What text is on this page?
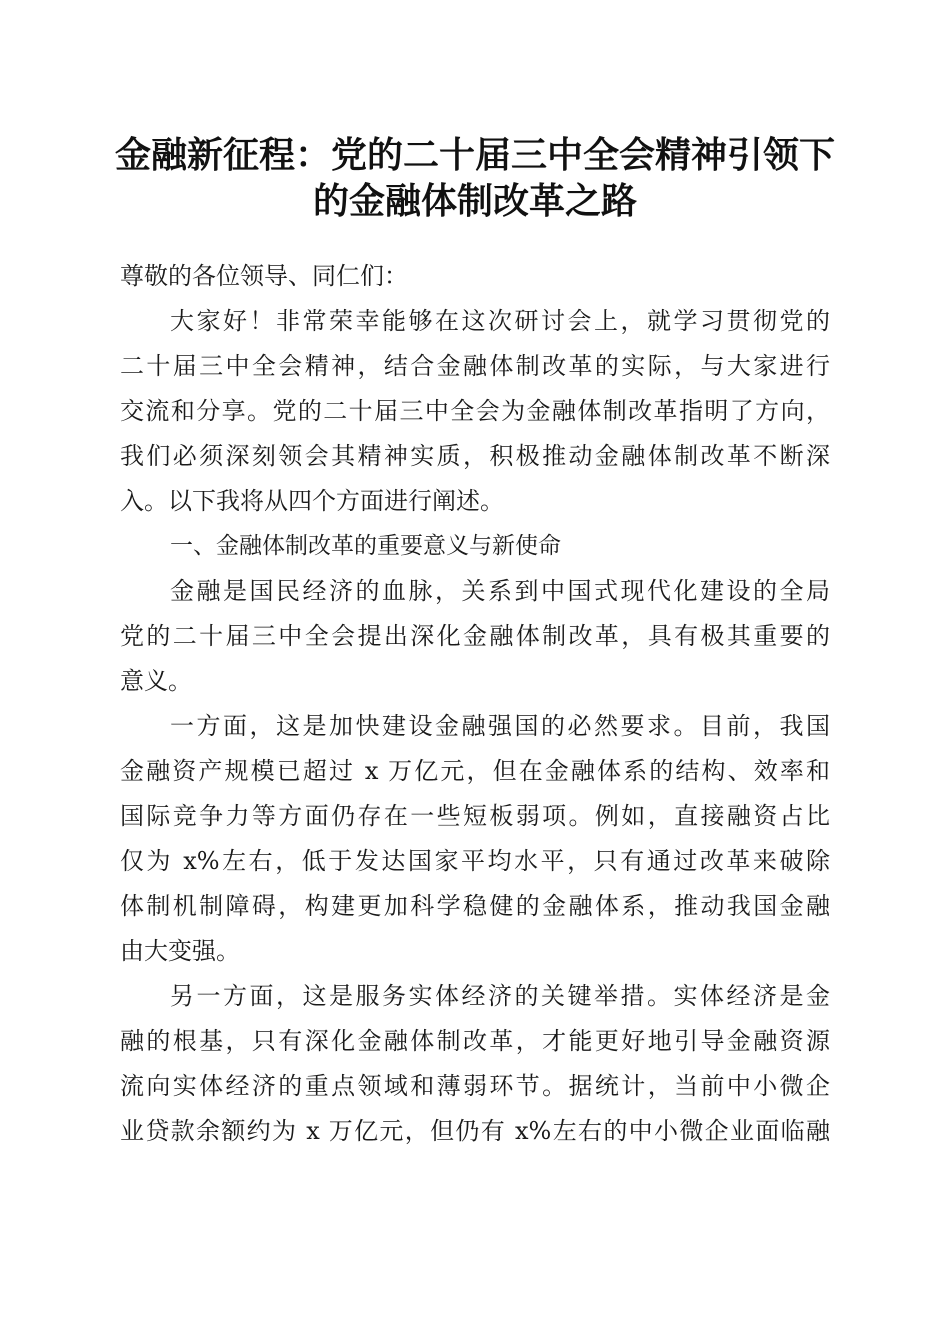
金融新征程：党的二十届三中全会精神引领下
的金融体制改革之路
尊敬的各位领导、同仁们：
大家好！非常荣幸能够在这次研讨会上，就学习贯彻党的
二十届三中全会精神，结合金融体制改革的实际，与大家进行
交流和分享。党的二十届三中全会为金融体制改革指明了方向，
我们必须深刻领会其精神实质，积极推动金融体制改革不断深
入。以下我将从四个方面进行阐述。
一、金融体制改革的重要意义与新使命
金融是国民经济的血脉，关系到中国式现代化建设的全局
党的二十届三中全会提出深化金融体制改革，具有极其重要的
意义。
一方面，这是加快建设金融强国的必然要求。目前，我国
金融资产规模已超过 x 万亿元，但在金融体系的结构、效率和
国际竞争力等方面仍存在一些短板弱项。例如，直接融资占比
仅为 x%左右，低于发达国家平均水平，只有通过改革来破除
体制机制障碍，构建更加科学稳健的金融体系，推动我国金融
由大变强。
另一方面，这是服务实体经济的关键举措。实体经济是金
融的根基，只有深化金融体制改革，才能更好地引导金融资源
流向实体经济的重点领域和薄弱环节。据统计，当前中小微企
业贷款余额约为 x 万亿元，但仍有 x%左右的中小微企业面临融
